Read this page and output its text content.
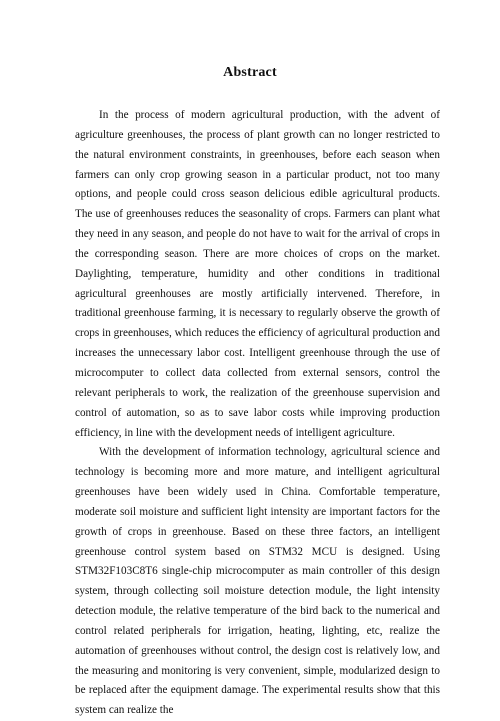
Abstract

In the process of modern agricultural production, with the advent of agriculture greenhouses, the process of plant growth can no longer restricted to the natural environment constraints, in greenhouses, before each season when farmers can only crop growing season in a particular product, not too many options, and people could cross season delicious edible agricultural products. The use of greenhouses reduces the seasonality of crops. Farmers can plant what they need in any season, and people do not have to wait for the arrival of crops in the corresponding season. There are more choices of crops on the market. Daylighting, temperature, humidity and other conditions in traditional agricultural greenhouses are mostly artificially intervened. Therefore, in traditional greenhouse farming, it is necessary to regularly observe the growth of crops in greenhouses, which reduces the efficiency of agricultural production and increases the unnecessary labor cost. Intelligent greenhouse through the use of microcomputer to collect data collected from external sensors, control the relevant peripherals to work, the realization of the greenhouse supervision and control of automation, so as to save labor costs while improving production efficiency, in line with the development needs of intelligent agriculture.

With the development of information technology, agricultural science and technology is becoming more and more mature, and intelligent agricultural greenhouses have been widely used in China. Comfortable temperature, moderate soil moisture and sufficient light intensity are important factors for the growth of crops in greenhouse. Based on these three factors, an intelligent greenhouse control system based on STM32 MCU is designed. Using STM32F103C8T6 single-chip microcomputer as main controller of this design system, through collecting soil moisture detection module, the light intensity detection module, the relative temperature of the bird back to the numerical and control related peripherals for irrigation, heating, lighting, etc, realize the automation of greenhouses without control, the design cost is relatively low, and the measuring and monitoring is very convenient, simple, modularized design to be replaced after the equipment damage. The experimental results show that this system can realize the
